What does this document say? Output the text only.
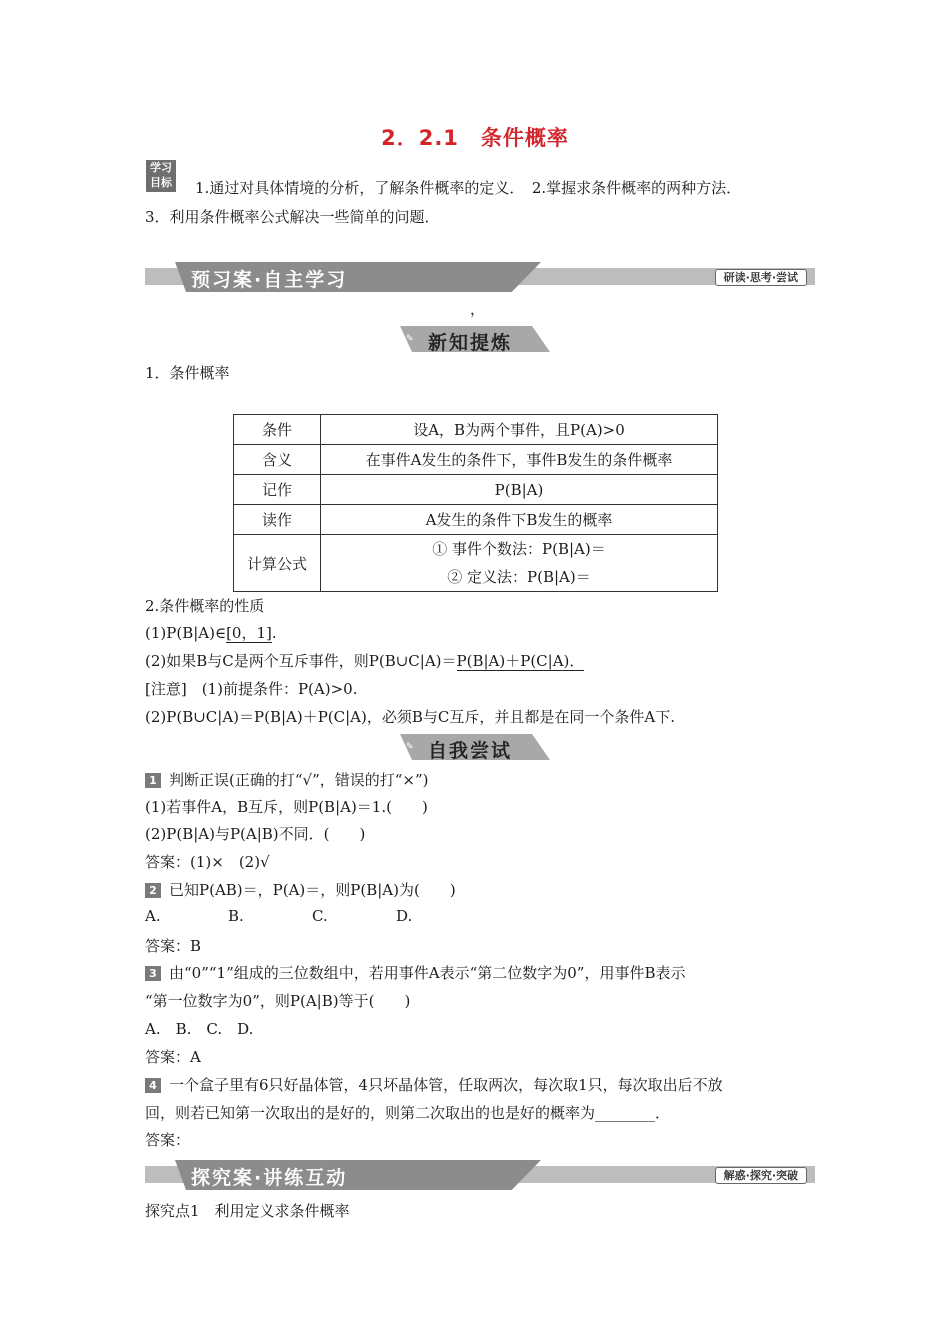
2．2.1　条件概率
学习
目标 1.通过对具体情境的分析，了解条件概率的定义．　2.掌握求条件概率的两种方法．
3．利用条件概率公式解决一些简单的问题．
预习案·自主学习	研读·思考·尝试
，
✎ 新知提炼
1．条件概率
条件	设A，B为两个事件，且P(A)>0
含义	在事件A发生的条件下，事件B发生的条件概率
记作	P(B|A)
读作	A发生的条件下B发生的概率
计算公式	① 事件个数法：P(B|A)＝
② 定义法：P(B|A)＝
2.条件概率的性质
(1)P(B|A)∈[0，1].
(2)如果B与C是两个互斥事件，则P(B∪C|A)＝P(B|A)＋P(C|A)．
[注意]　(1)前提条件：P(A)>0.
(2)P(B∪C|A)＝P(B|A)＋P(C|A)，必须B与C互斥，并且都是在同一个条件A下.
✎ 自我尝试
1 判断正误(正确的打“√”，错误的打“×”)
(1)若事件A，B互斥，则P(B|A)＝1.(　　)
(2)P(B|A)与P(A|B)不同．(　　)
答案：(1)×　(2)√
2 已知P(AB)＝，P(A)＝，则P(B|A)为(　　)
A.	B.	C.	D.
答案：B
3 由“0”“1”组成的三位数组中，若用事件A表示“第二位数字为0”，用事件B表示
“第一位数字为0”，则P(A|B)等于(　　)
A.　B.　C.　D.
答案：A
4 一个盒子里有6只好晶体管，4只坏晶体管，任取两次，每次取1只，每次取出后不放
回，则若已知第一次取出的是好的，则第二次取出的也是好的概率为________．
答案：
探究案·讲练互动	解惑·探究·突破
探究点1　利用定义求条件概率
